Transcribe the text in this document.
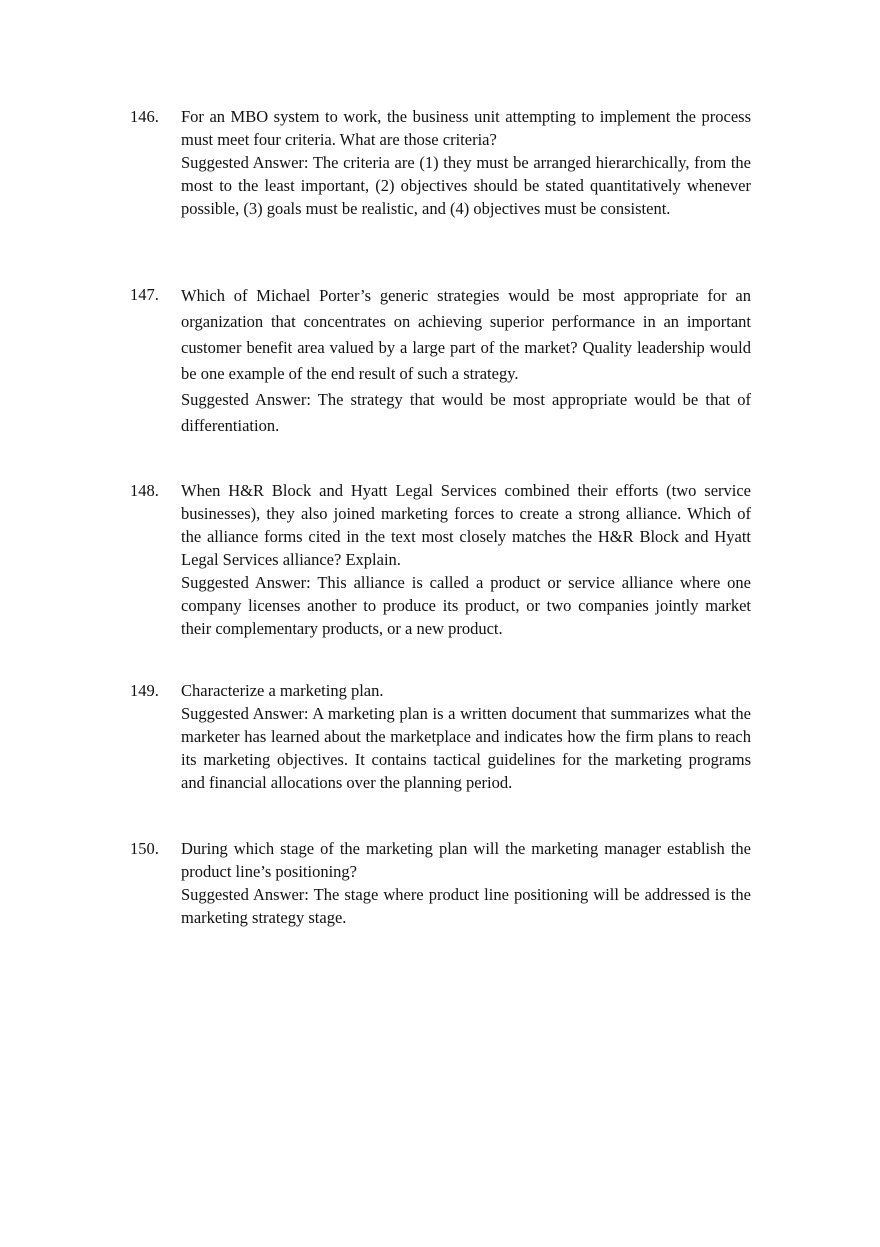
146.	For an MBO system to work, the business unit attempting to implement the process must meet four criteria. What are those criteria?

Suggested Answer: The criteria are (1) they must be arranged hierarchically, from the most to the least important, (2) objectives should be stated quantitatively whenever possible, (3) goals must be realistic, and (4) objectives must be consistent.

147.	Which of Michael Porter’s generic strategies would be most appropriate for an organization that concentrates on achieving superior performance in an important customer benefit area valued by a large part of the market? Quality leadership would be one example of the end result of such a strategy.

Suggested Answer: The strategy that would be most appropriate would be that of differentiation.

148.	When H&R Block and Hyatt Legal Services combined their efforts (two service businesses), they also joined marketing forces to create a strong alliance. Which of the alliance forms cited in the text most closely matches the H&R Block and Hyatt Legal Services alliance? Explain.

Suggested Answer: This alliance is called a product or service alliance where one company licenses another to produce its product, or two companies jointly market their complementary products, or a new product.

149.	Characterize a marketing plan.

Suggested Answer: A marketing plan is a written document that summarizes what the marketer has learned about the marketplace and indicates how the firm plans to reach its marketing objectives. It contains tactical guidelines for the marketing programs and financial allocations over the planning period.

150.	During which stage of the marketing plan will the marketing manager establish the product line’s positioning?

Suggested Answer: The stage where product line positioning will be addressed is the marketing strategy stage.
